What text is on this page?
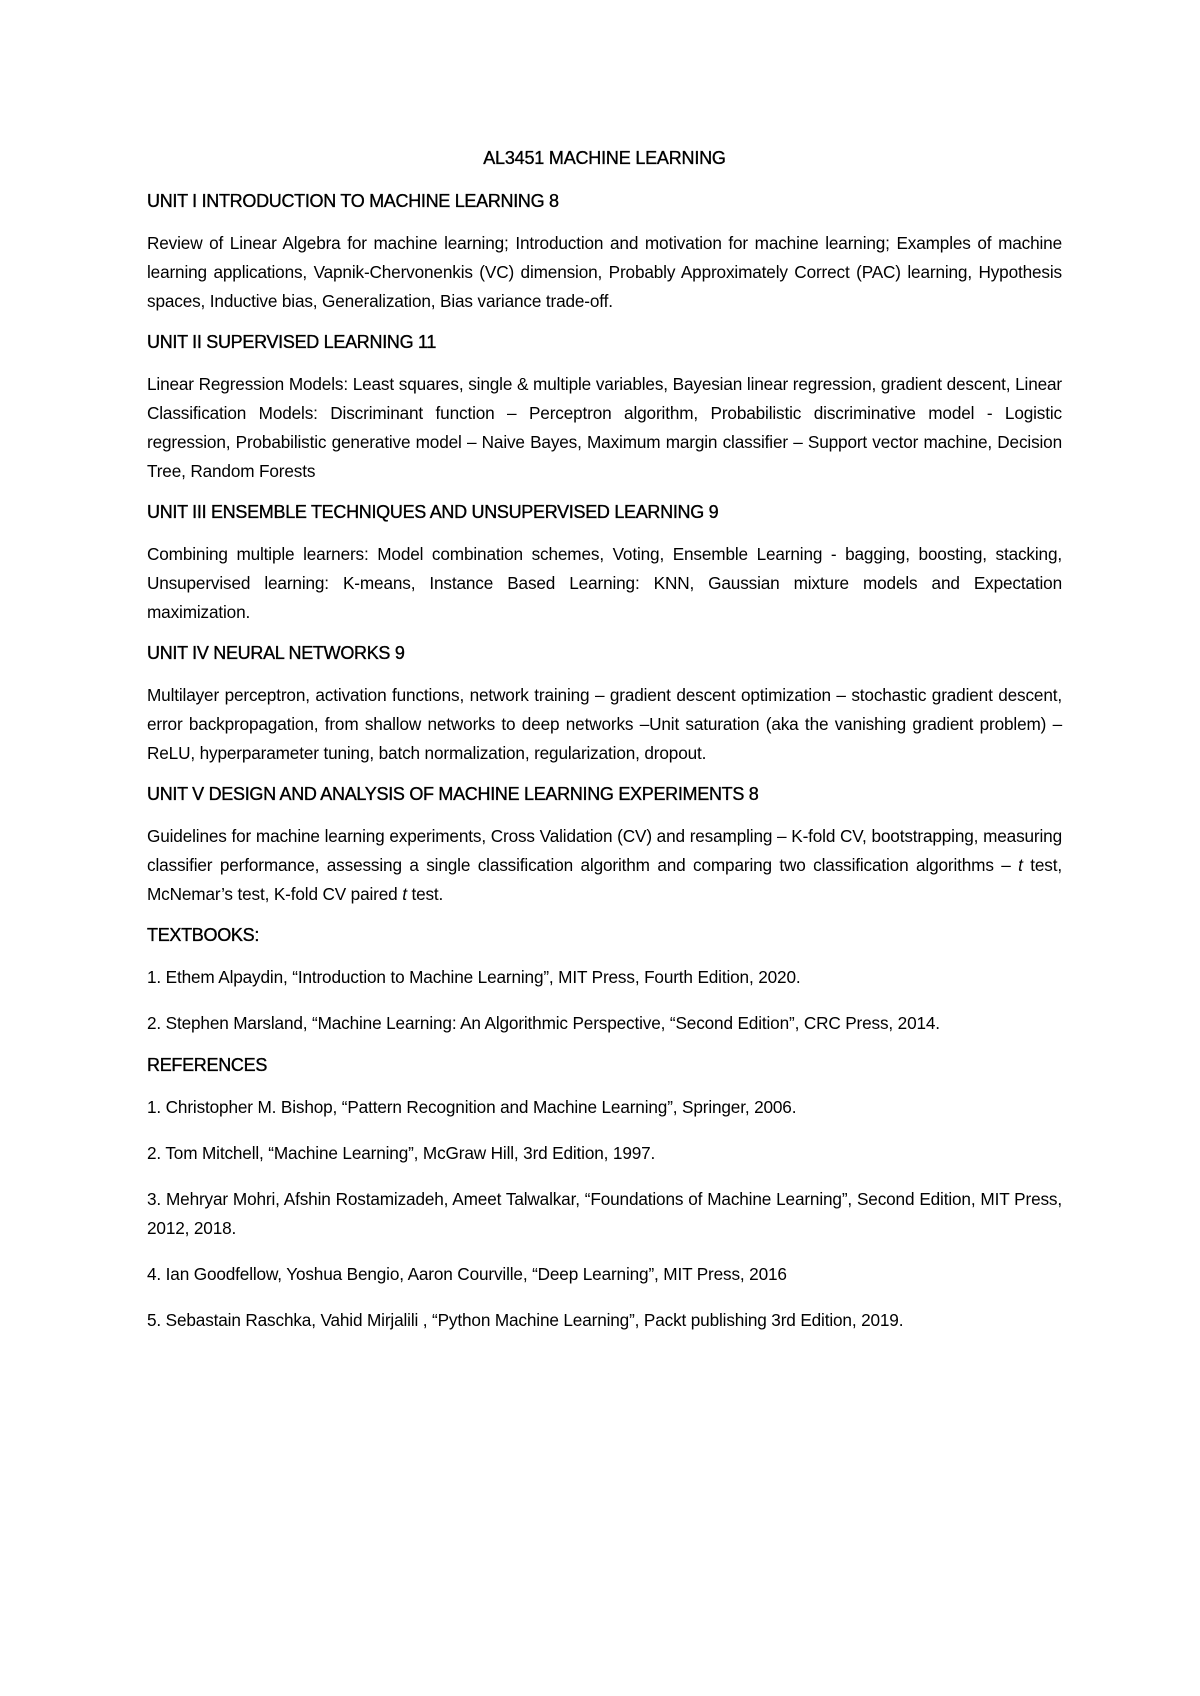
AL3451 MACHINE LEARNING
UNIT I INTRODUCTION TO MACHINE LEARNING 8

Review of Linear Algebra for machine learning; Introduction and motivation for machine learning; Examples of machine learning applications, Vapnik-Chervonenkis (VC) dimension, Probably Approximately Correct (PAC) learning, Hypothesis spaces, Inductive bias, Generalization, Bias variance trade-off.

UNIT II SUPERVISED LEARNING 11

Linear Regression Models: Least squares, single & multiple variables, Bayesian linear regression, gradient descent, Linear Classification Models: Discriminant function – Perceptron algorithm, Probabilistic discriminative model - Logistic regression, Probabilistic generative model – Naive Bayes, Maximum margin classifier – Support vector machine, Decision Tree, Random Forests

UNIT III ENSEMBLE TECHNIQUES AND UNSUPERVISED LEARNING 9

Combining multiple learners: Model combination schemes, Voting, Ensemble Learning - bagging, boosting, stacking, Unsupervised learning: K-means, Instance Based Learning: KNN, Gaussian mixture models and Expectation maximization.

UNIT IV NEURAL NETWORKS 9

Multilayer perceptron, activation functions, network training – gradient descent optimization – stochastic gradient descent, error backpropagation, from shallow networks to deep networks –Unit saturation (aka the vanishing gradient problem) – ReLU, hyperparameter tuning, batch normalization, regularization, dropout.

UNIT V DESIGN AND ANALYSIS OF MACHINE LEARNING EXPERIMENTS 8

Guidelines for machine learning experiments, Cross Validation (CV) and resampling – K-fold CV, bootstrapping, measuring classifier performance, assessing a single classification algorithm and comparing two classification algorithms – t test, McNemar’s test, K-fold CV paired t test.

TEXTBOOKS:

1. Ethem Alpaydin, “Introduction to Machine Learning”, MIT Press, Fourth Edition, 2020.

2. Stephen Marsland, “Machine Learning: An Algorithmic Perspective, “Second Edition”, CRC Press, 2014.

REFERENCES

1. Christopher M. Bishop, “Pattern Recognition and Machine Learning”, Springer, 2006.

2. Tom Mitchell, “Machine Learning”, McGraw Hill, 3rd Edition, 1997.

3. Mehryar Mohri, Afshin Rostamizadeh, Ameet Talwalkar, “Foundations of Machine Learning”, Second Edition, MIT Press, 2012, 2018.

4. Ian Goodfellow, Yoshua Bengio, Aaron Courville, “Deep Learning”, MIT Press, 2016

5. Sebastain Raschka, Vahid Mirjalili , “Python Machine Learning”, Packt publishing 3rd Edition, 2019.
